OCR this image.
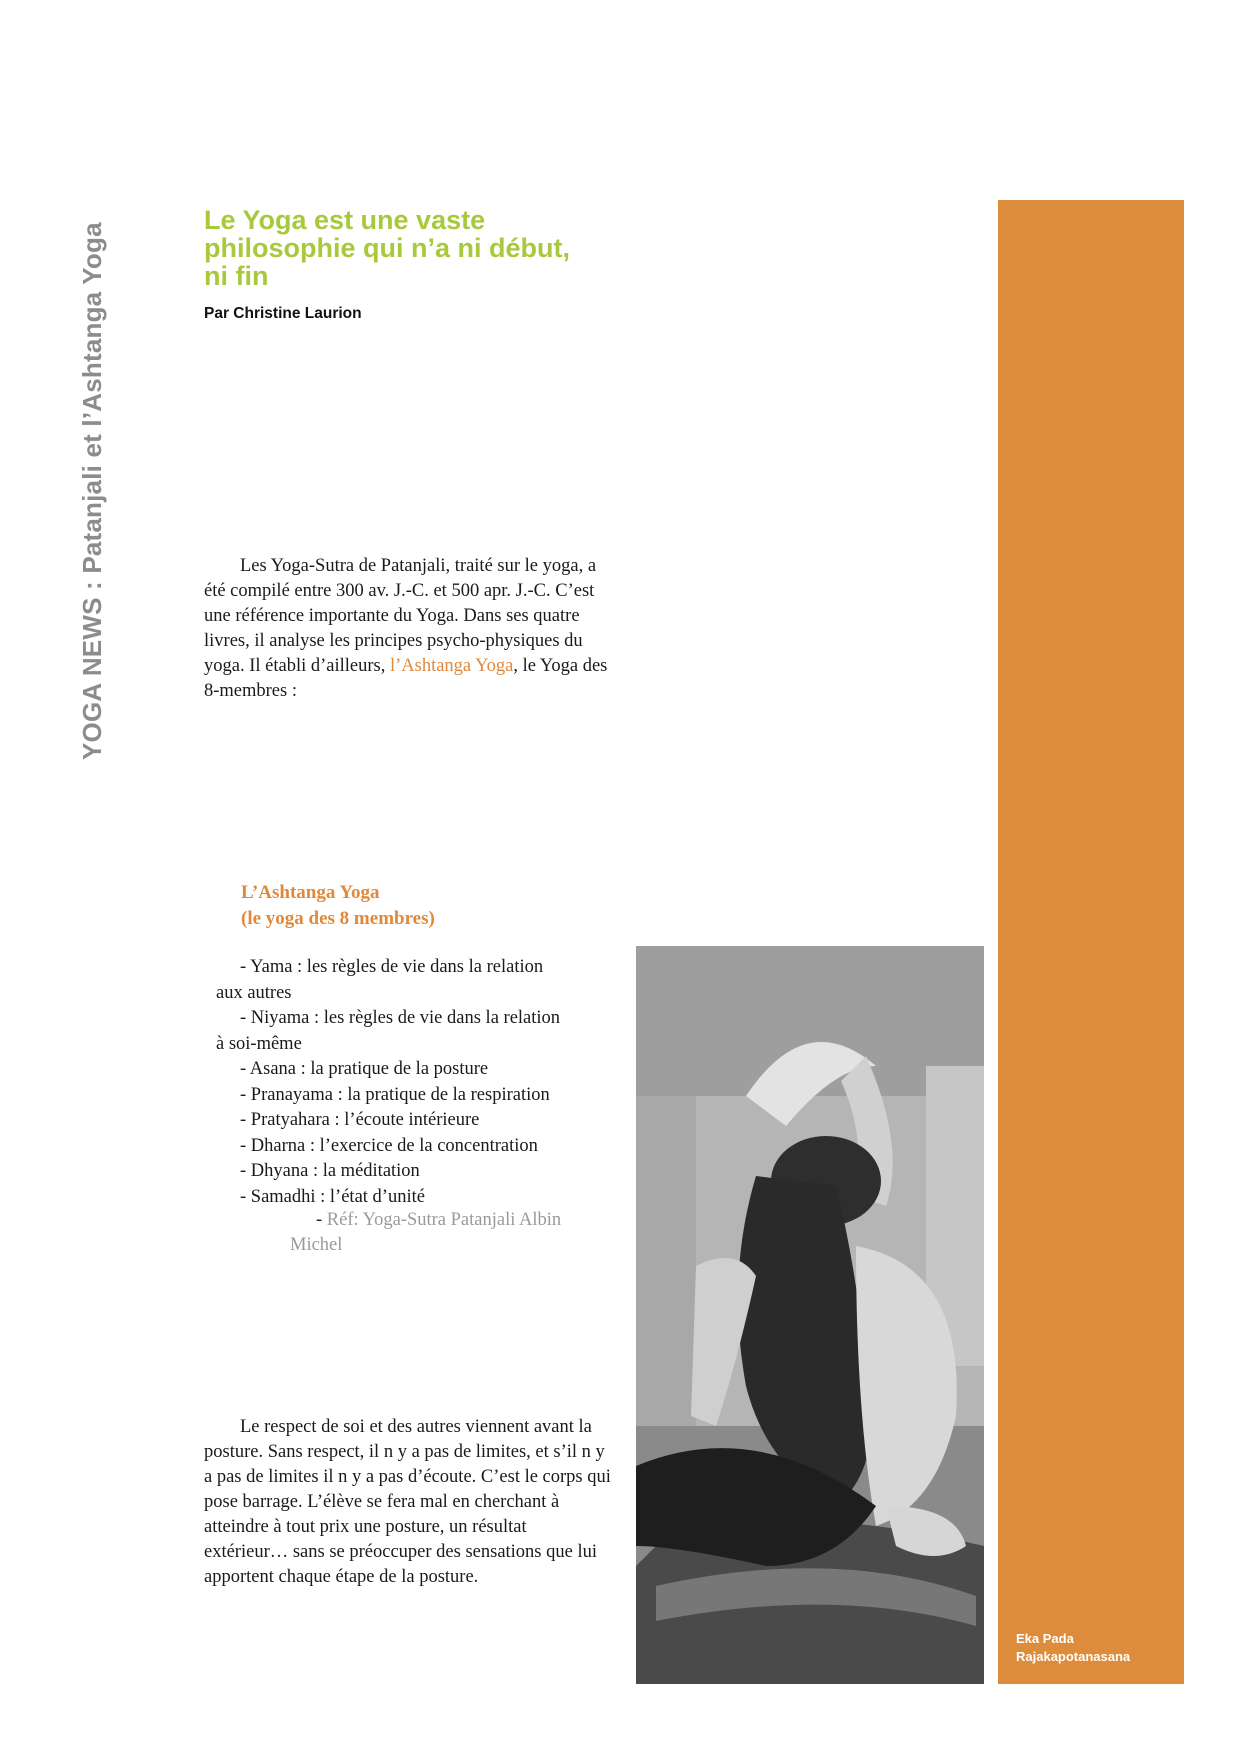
YOGA NEWS : Patanjali et l’Ashtanga Yoga
Le Yoga est une vaste
philosophie qui n’a ni début,
ni fin

Par Christine Laurion

Les Yoga-Sutra de Patanjali, traité sur le yoga, a été compilé entre 300 av. J.-C. et 500 apr. J.-C. C’est une référence importante du Yoga. Dans ses quatre livres, il analyse les principes psycho-physiques du yoga. Il établi d’ailleurs, l’Ashtanga Yoga, le Yoga des 8-membres :

L’Ashtanga Yoga
(le yoga des 8 membres)
- Yama : les règles de vie dans la relation
aux autres
- Niyama : les règles de vie dans la relation
à soi-même
- Asana : la pratique de la posture
- Pranayama : la pratique de la respiration
- Pratyahara : l’écoute intérieure
- Dharna : l’exercice de la concentration
- Dhyana : la méditation
- Samadhi : l’état d’unité

- Réf: Yoga-Sutra Patanjali Albin
Michel

Le respect de soi et des autres viennent avant la posture. Sans respect, il n y a pas de limites, et s’il n y a pas de limites il n y a pas d’écoute. C’est le corps qui pose barrage. L’élève se fera mal en cherchant à atteindre à tout prix une posture, un résultat extérieur… sans se préoccuper des sensations que lui apportent chaque étape de la posture.

Eka Pada
Rajakapotanasana
